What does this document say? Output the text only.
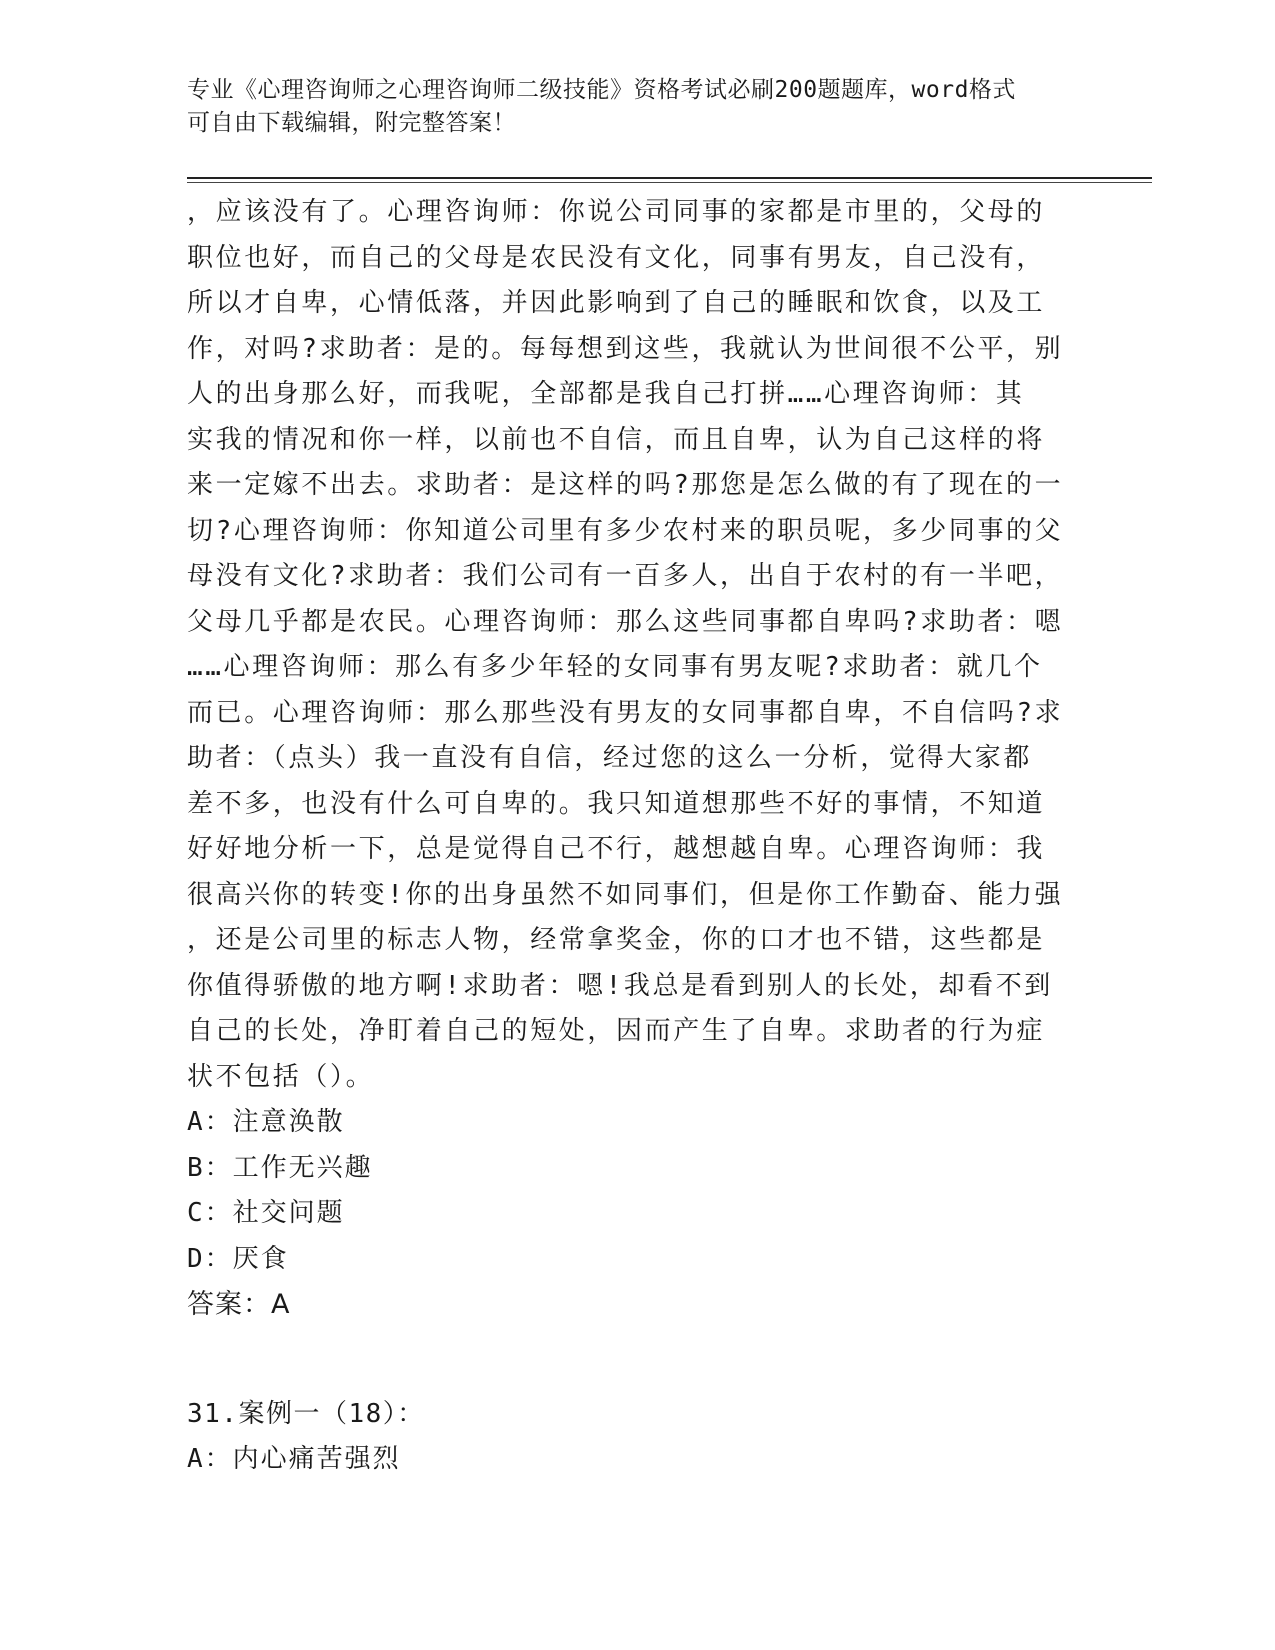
专业《心理咨询师之心理咨询师二级技能》资格考试必刷200题题库，word格式
可自由下载编辑，附完整答案！
，应该没有了。心理咨询师：你说公司同事的家都是市里的，父母的
职位也好，而自己的父母是农民没有文化，同事有男友，自己没有，
所以才自卑，心情低落，并因此影响到了自己的睡眠和饮食，以及工
作，对吗?求助者：是的。每每想到这些，我就认为世间很不公平，别
人的出身那么好，而我呢，全部都是我自己打拼……心理咨询师：其
实我的情况和你一样，以前也不自信，而且自卑，认为自己这样的将
来一定嫁不出去。求助者：是这样的吗?那您是怎么做的有了现在的一
切?心理咨询师：你知道公司里有多少农村来的职员呢，多少同事的父
母没有文化?求助者：我们公司有一百多人，出自于农村的有一半吧，
父母几乎都是农民。心理咨询师：那么这些同事都自卑吗?求助者：嗯
……心理咨询师：那么有多少年轻的女同事有男友呢?求助者：就几个
而已。心理咨询师：那么那些没有男友的女同事都自卑，不自信吗?求
助者：（点头）我一直没有自信，经过您的这么一分析，觉得大家都
差不多，也没有什么可自卑的。我只知道想那些不好的事情，不知道
好好地分析一下，总是觉得自己不行，越想越自卑。心理咨询师：我
很高兴你的转变!你的出身虽然不如同事们，但是你工作勤奋、能力强
，还是公司里的标志人物，经常拿奖金，你的口才也不错，这些都是
你值得骄傲的地方啊!求助者：嗯!我总是看到别人的长处，却看不到
自己的长处，净盯着自己的短处，因而产生了自卑。求助者的行为症
状不包括（）。
A：注意涣散
B：工作无兴趣
C：社交问题
D：厌食
答案：A
31.案例一（18）：
A：内心痛苦强烈
